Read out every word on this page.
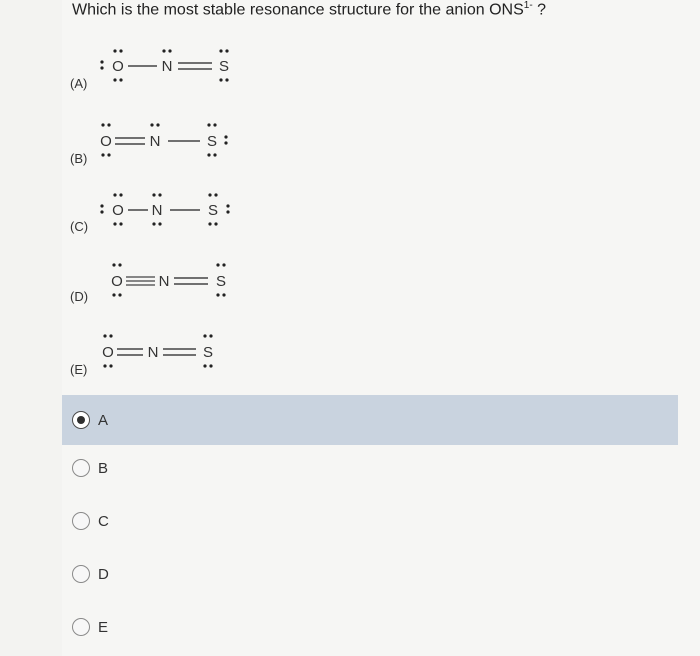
Which is the most stable resonance structure for the anion $ONS^{1-}$ ?
(A)
(B)
(C)
(D)
(E)
O	N	S
O	N	S
O N	S
O N	S
O N	S
A
B
C
D
E
